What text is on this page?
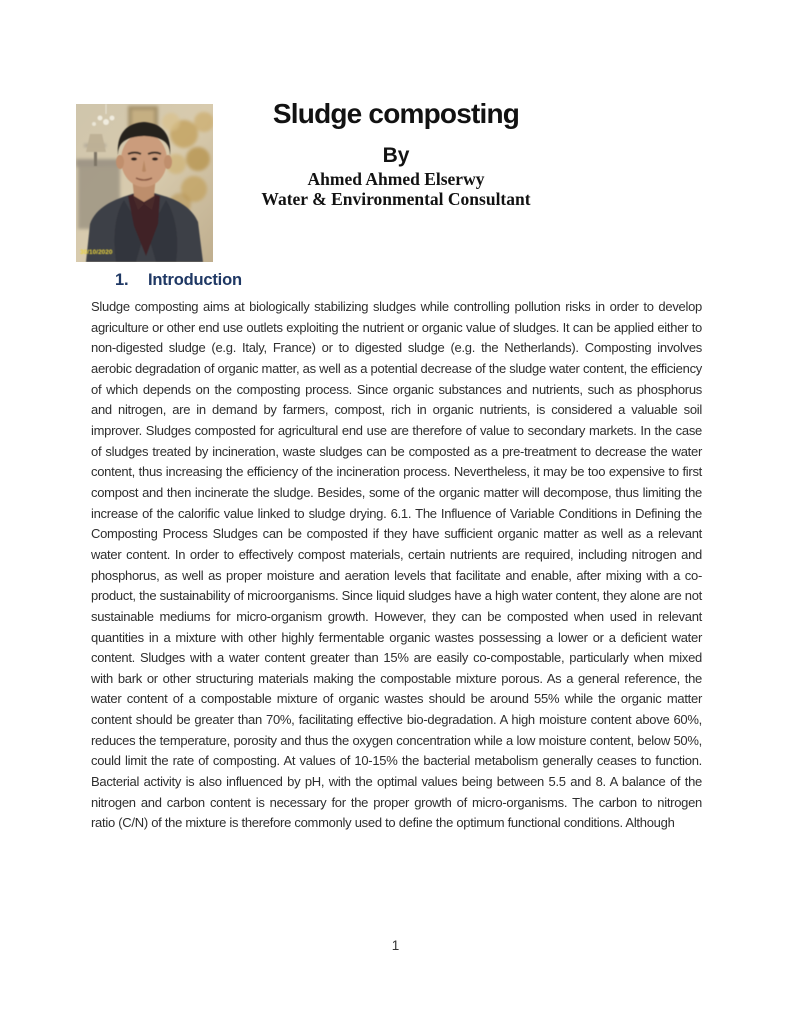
30/10/2020
Sludge composting
By
Ahmed Ahmed Elserwy
Water & Environmental Consultant
1. Introduction
Sludge composting aims at biologically stabilizing sludges while controlling pollution risks in order to develop agriculture or other end use outlets exploiting the nutrient or organic value of sludges. It can be applied either to non-digested sludge (e.g. Italy, France) or to digested sludge (e.g. the Netherlands). Composting involves aerobic degradation of organic matter, as well as a potential decrease of the sludge water content, the efficiency of which depends on the composting process. Since organic substances and nutrients, such as phosphorus and nitrogen, are in demand by farmers, compost, rich in organic nutrients, is considered a valuable soil improver. Sludges composted for agricultural end use are therefore of value to secondary markets. In the case of sludges treated by incineration, waste sludges can be composted as a pre-treatment to decrease the water content, thus increasing the efficiency of the incineration process. Nevertheless, it may be too expensive to first compost and then incinerate the sludge. Besides, some of the organic matter will decompose, thus limiting the increase of the calorific value linked to sludge drying. 6.1. The Influence of Variable Conditions in Defining the Composting Process Sludges can be composted if they have sufficient organic matter as well as a relevant water content. In order to effectively compost materials, certain nutrients are required, including nitrogen and phosphorus, as well as proper moisture and aeration levels that facilitate and enable, after mixing with a co-product, the sustainability of microorganisms. Since liquid sludges have a high water content, they alone are not sustainable mediums for micro-organism growth. However, they can be composted when used in relevant quantities in a mixture with other highly fermentable organic wastes possessing a lower or a deficient water content. Sludges with a water content greater than 15% are easily co-compostable, particularly when mixed with bark or other structuring materials making the compostable mixture porous. As a general reference, the water content of a compostable mixture of organic wastes should be around 55% while the organic matter content should be greater than 70%, facilitating effective bio-degradation. A high moisture content above 60%, reduces the temperature, porosity and thus the oxygen concentration while a low moisture content, below 50%, could limit the rate of composting. At values of 10-15% the bacterial metabolism generally ceases to function. Bacterial activity is also influenced by pH, with the optimal values being between 5.5 and 8. A balance of the nitrogen and carbon content is necessary for the proper growth of micro-organisms. The carbon to nitrogen ratio (C/N) of the mixture is therefore commonly used to define the optimum functional conditions. Although
1
